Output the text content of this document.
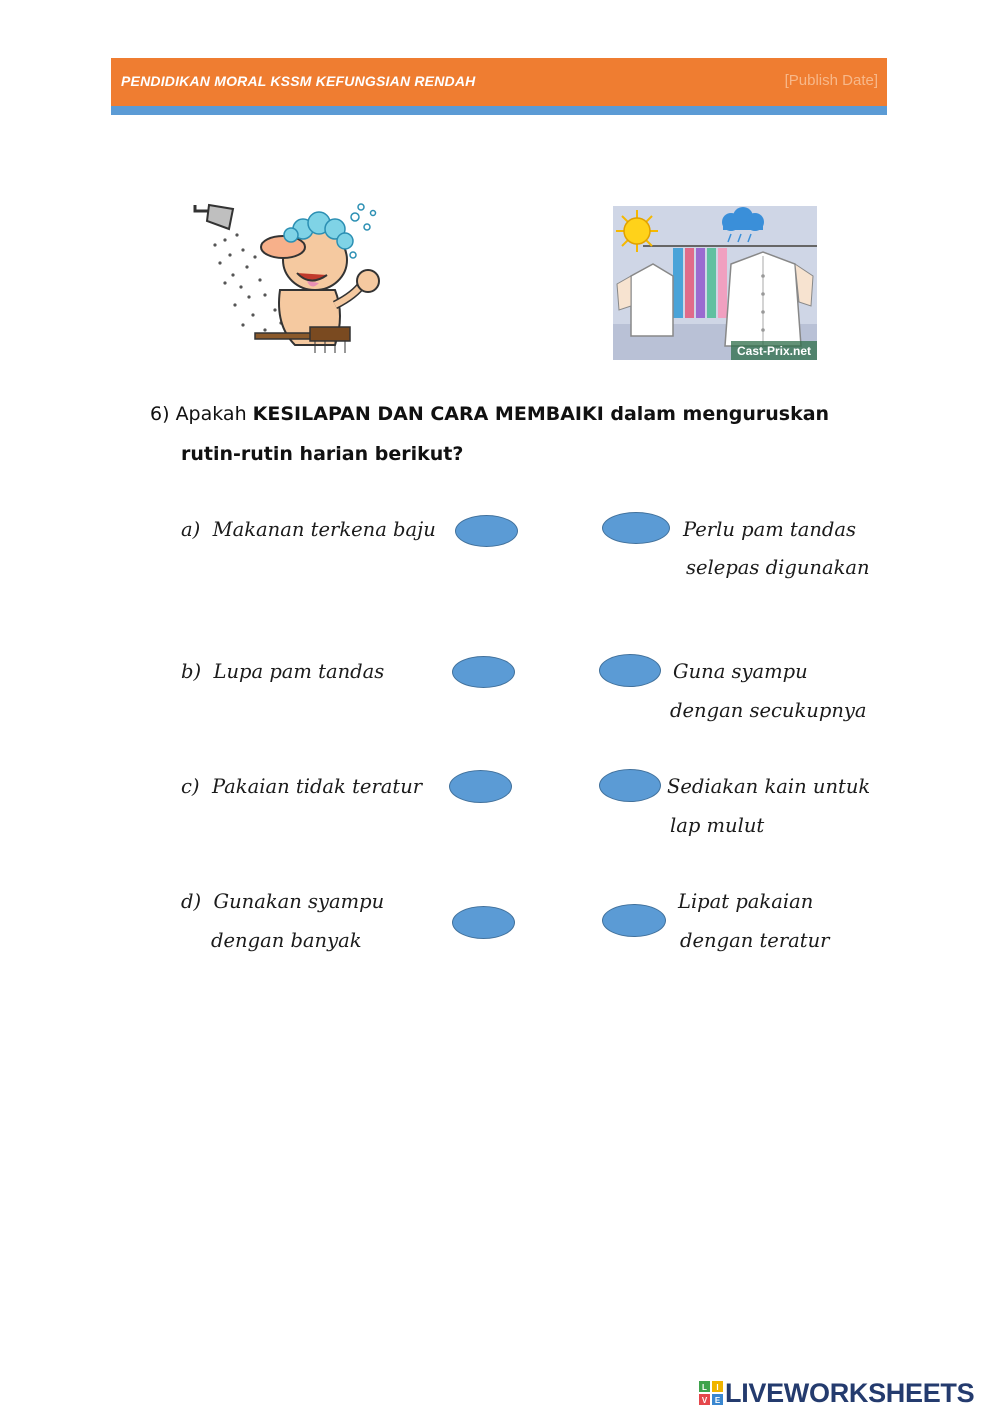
PENDIDIKAN MORAL KSSM KEFUNGSIAN RENDAH	[Publish Date]
Cast-Prix.net
6) Apakah KESILAPAN DAN CARA MEMBAIKI dalam menguruskan
rutin-rutin harian berikut?
a) Makanan terkena baju
b) Lupa pam tandas
c) Pakaian tidak teratur
d) Gunakan syampu
dengan banyak
Perlu pam tandas
selepas digunakan
Guna syampu
dengan secukupnya
Sediakan kain untuk
lap mulut
Lipat pakaian
dengan teratur
L I
V E LIVEWORKSHEETS
